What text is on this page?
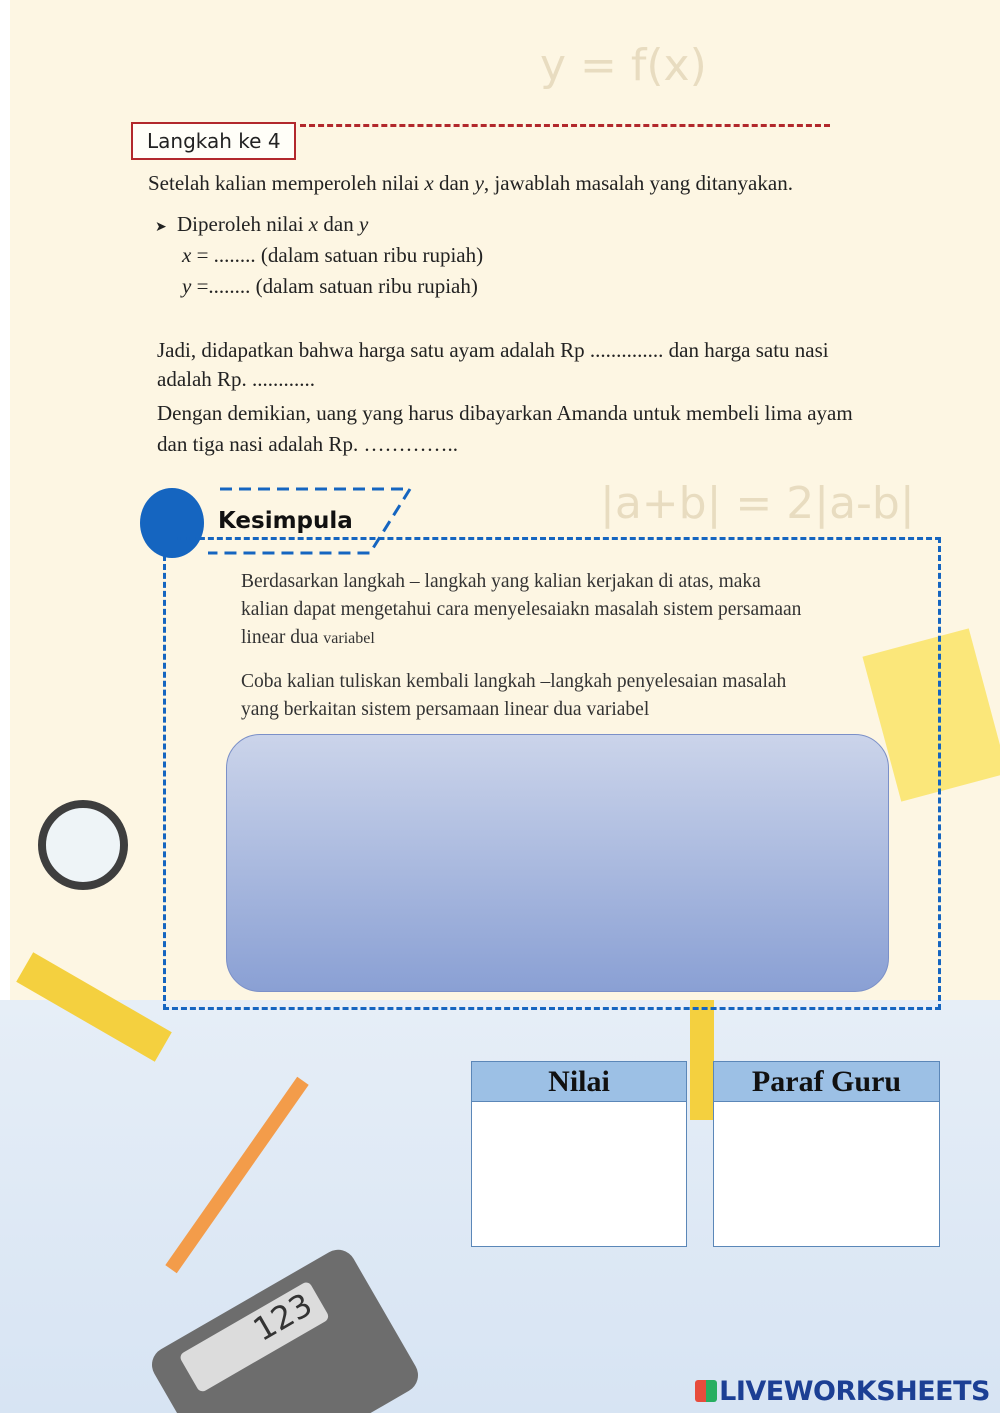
y = f(x)
|a+b| = 2|a-b|
123
Langkah ke 4
Setelah kalian memperoleh nilai x dan y, jawablah masalah yang ditanyakan.
➤ Diperoleh nilai x dan y
x = ........ (dalam satuan ribu rupiah)
y =........ (dalam satuan ribu rupiah)
Jadi, didapatkan bahwa harga satu ayam adalah Rp .............. dan harga satu nasi
adalah Rp. ............
Dengan demikian, uang yang harus dibayarkan Amanda untuk membeli lima ayam
dan tiga nasi adalah Rp. …………..
Kesimpula
Berdasarkan langkah – langkah yang kalian kerjakan di atas, maka
kalian dapat mengetahui cara menyelesaiakn masalah sistem persamaan
linear dua variabel
Coba kalian tuliskan kembali langkah –langkah penyelesaian masalah
yang berkaitan sistem persamaan linear dua variabel
Nilai	Paraf Guru
LIVEWORKSHEETS
